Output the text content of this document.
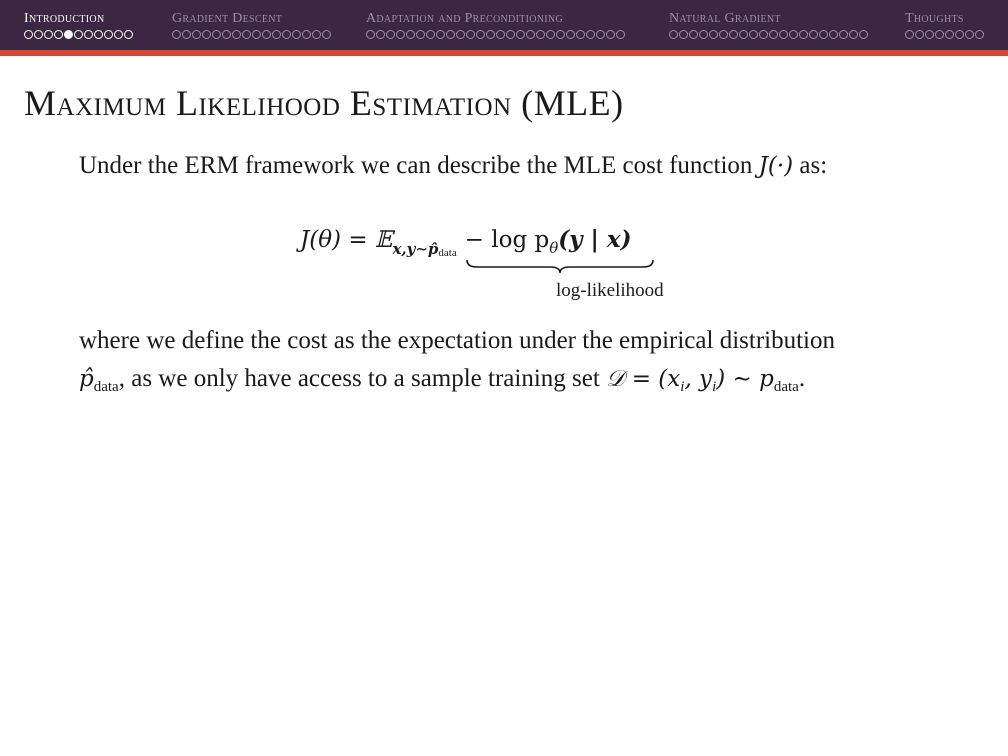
Introduction	Gradient Descent	Adaptation and Preconditioning	Natural Gradient	Thoughts
Maximum Likelihood Estimation (MLE)
Under the ERM framework we can describe the MLE cost function J(·) as:
J(θ) = 𝔼$_{x,y\sim p̂data}$ − $\log p_\theta(y$ | x)
log-likelihood
where we define the cost as the expectation under the empirical distribution
$p̂_{data}$, as we only have access to a sample training set 𝒟 = ($x_i$, $y_i$) ∼ $p_{data}$.
